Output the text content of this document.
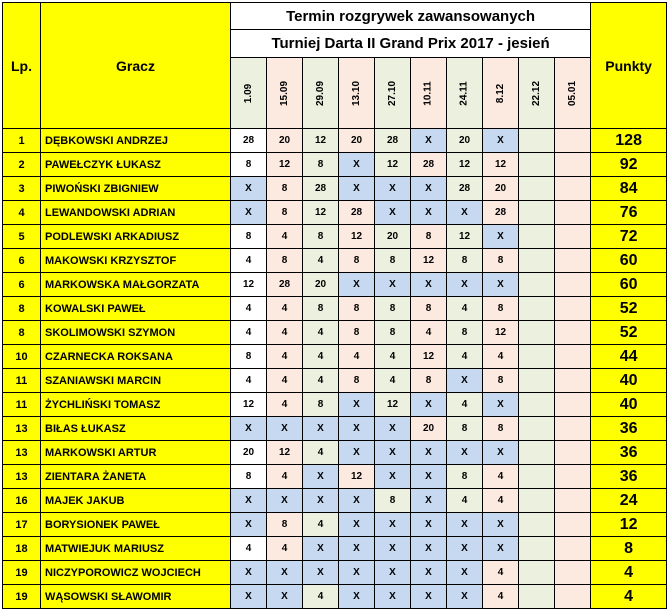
Lp.	Gracz	Termin rozgrywek zawansowanych										Punkty
		Turniej Darta II Grand Prix 2017 - jesień										
		1.09	15.09	29.09	13.10	27.10	10.11	24.11	8.12	22.12	05.01	
1	DĘBKOWSKI ANDRZEJ	28	20	12	20	28	X	20	X			128
2	PAWEŁCZYK ŁUKASZ	8	12	8	X	12	28	12	12			92
3	PIWOŃSKI ZBIGNIEW	X	8	28	X	X	X	28	20			84
4	LEWANDOWSKI ADRIAN	X	8	12	28	X	X	X	28			76
5	PODLEWSKI ARKADIUSZ	8	4	8	12	20	8	12	X			72
6	MAKOWSKI KRZYSZTOF	4	8	4	8	8	12	8	8			60
6	MARKOWSKA MAŁGORZATA	12	28	20	X	X	X	X	X			60
8	KOWALSKI PAWEŁ	4	4	8	8	8	8	4	8			52
8	SKOLIMOWSKI SZYMON	4	4	4	8	8	4	8	12			52
10	CZARNECKA ROKSANA	8	4	4	4	4	12	4	4			44
11	SZANIAWSKI MARCIN	4	4	4	8	4	8	X	8			40
11	ŻYCHLIŃSKI TOMASZ	12	4	8	X	12	X	4	X			40
13	BIŁAS ŁUKASZ	X	X	X	X	X	20	8	8			36
13	MARKOWSKI ARTUR	20	12	4	X	X	X	X	X			36
13	ZIENTARA ŻANETA	8	4	X	12	X	X	8	4			36
16	MAJEK JAKUB	X	X	X	X	8	X	4	4			24
17	BORYSIONEK PAWEŁ	X	8	4	X	X	X	X	X			12
18	MATWIEJUK MARIUSZ	4	4	X	X	X	X	X	X			8
19	NICZYPOROWICZ WOJCIECH	X	X	X	X	X	X	X	4			4
19	WĄSOWSKI SŁAWOMIR	X	X	4	X	X	X	X	4			4
